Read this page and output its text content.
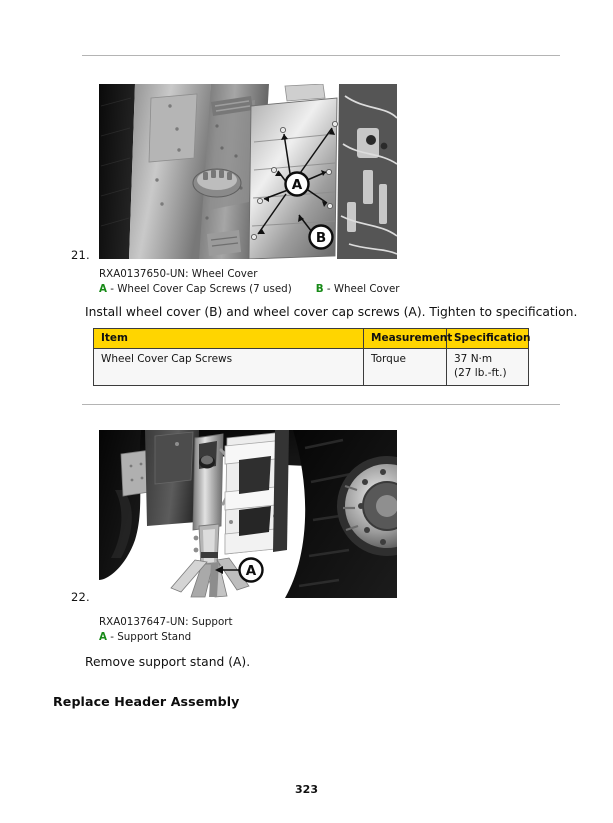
21.
A
B
RXA0137650-UN: Wheel Cover
A - Wheel Cover Cap Screws (7 used) B - Wheel Cover
Install wheel cover (B) and wheel cover cap screws (A). Tighten to specification.
Item	Measurement	Specification
Wheel Cover Cap Screws	Torque	37 N·m
(27 lb.-ft.)
22.
A
RXA0137647-UN: Support
A - Support Stand
Remove support stand (A).
Replace Header Assembly
323
